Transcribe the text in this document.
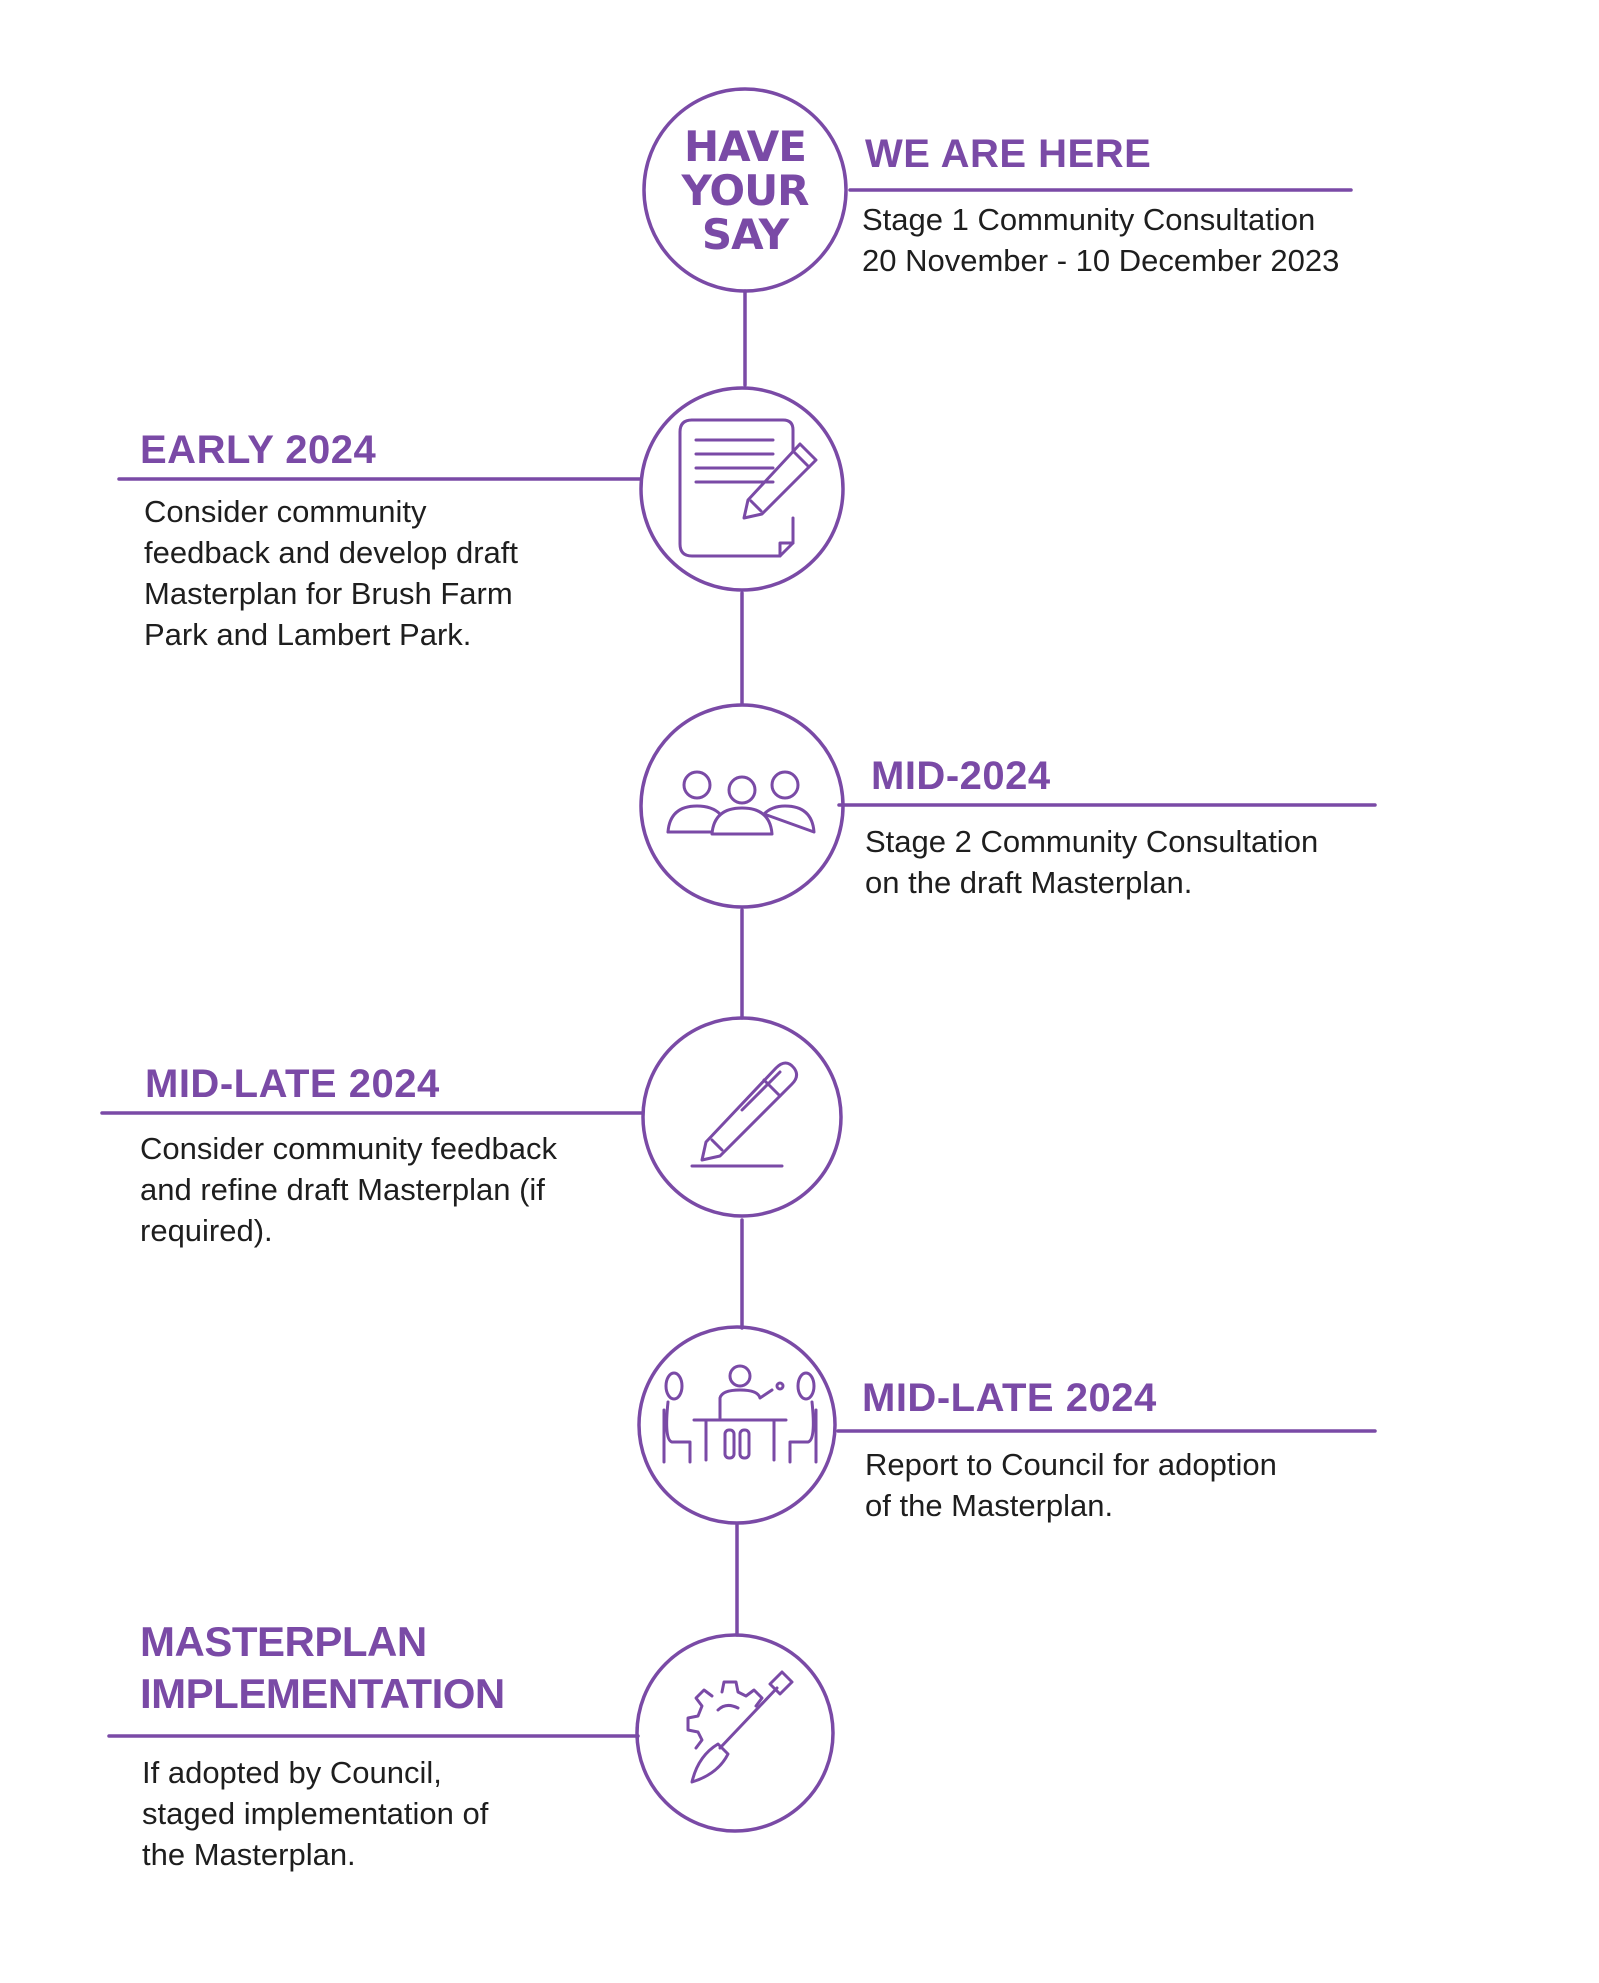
HAVE
YOUR
SAY
WE ARE HERE
Stage 1 Community Consultation
20 November - 10 December 2023
EARLY 2024
Consider community
feedback and develop draft
Masterplan for Brush Farm
Park and Lambert Park.
MID-2024
Stage 2 Community Consultation
on the draft Masterplan.
MID-LATE 2024
Consider community feedback
and refine draft Masterplan (if
required).
MID-LATE 2024
Report to Council for adoption
of the Masterplan.
MASTERPLAN
IMPLEMENTATION
If adopted by Council,
staged implementation of
the Masterplan.
